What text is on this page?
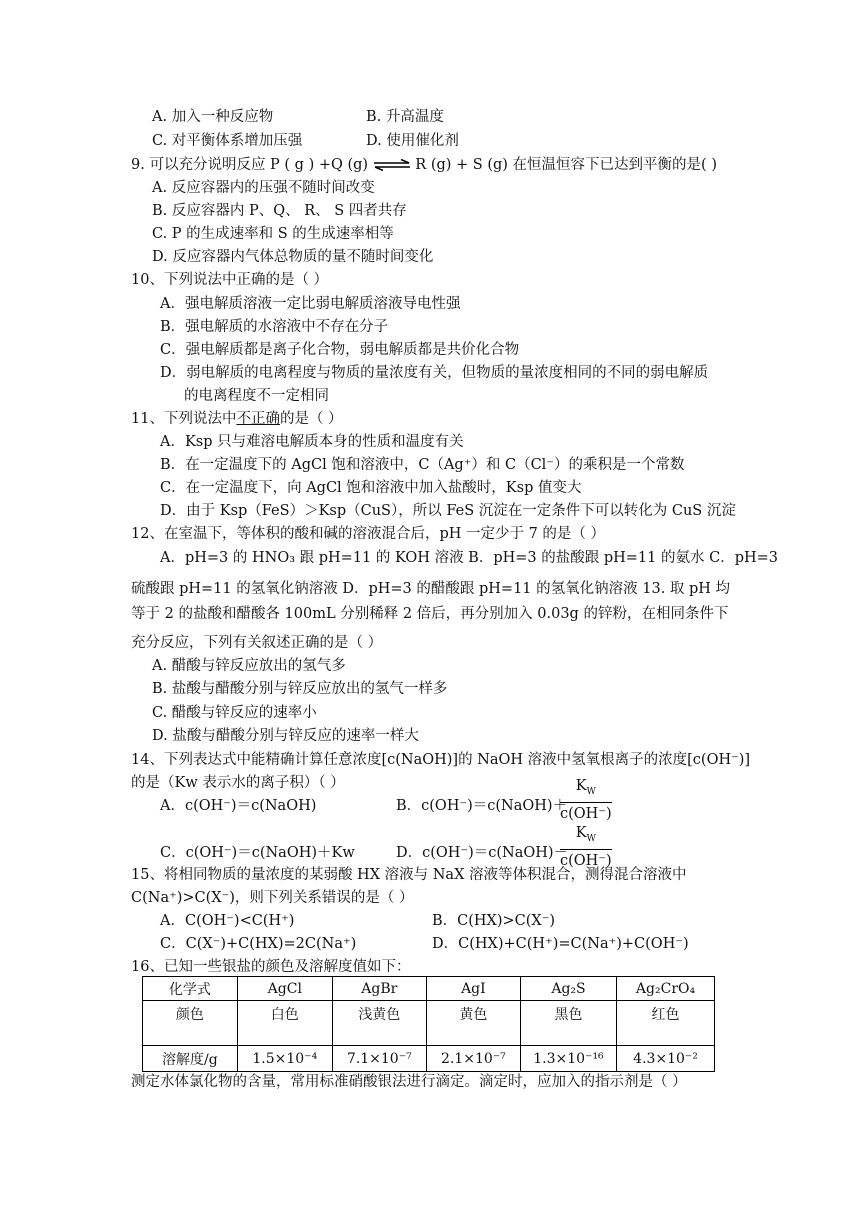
A. 加入一种反应物	B. 升高温度
C. 对平衡体系增加压强	D. 使用催化剂
9. 可以充分说明反应 P ( g ) +Q (g) ⇌ R (g) + S (g) 在恒温恒容下已达到平衡的是( )
A. 反应容器内的压强不随时间改变
B. 反应容器内 P、Q、 R、 S 四者共存
C. P 的生成速率和 S 的生成速率相等
D. 反应容器内气体总物质的量不随时间变化
10、下列说法中正确的是（ ）
A．强电解质溶液一定比弱电解质溶液导电性强
B．强电解质的水溶液中不存在分子
C．强电解质都是离子化合物，弱电解质都是共价化合物
D．弱电解质的电离程度与物质的量浓度有关，但物质的量浓度相同的不同的弱电解质
的电离程度不一定相同
11、下列说法中不正确的是（ ）
A．Ksp 只与难溶电解质本身的性质和温度有关
B．在一定温度下的 AgCl 饱和溶液中，C（Ag⁺）和 C（Cl⁻）的乘积是一个常数
C．在一定温度下，向 AgCl 饱和溶液中加入盐酸时，Ksp 值变大
D．由于 Ksp（FeS）＞Ksp（CuS），所以 FeS 沉淀在一定条件下可以转化为 CuS 沉淀
12、在室温下，等体积的酸和碱的溶液混合后，pH 一定少于 7 的是（ ）
A．pH=3 的 HNO₃ 跟 pH=11 的 KOH 溶液 B．pH=3 的盐酸跟 pH=11 的氨水 C．pH=3
硫酸跟 pH=11 的氢氧化钠溶液 D．pH=3 的醋酸跟 pH=11 的氢氧化钠溶液 13. 取 pH 均
等于 2 的盐酸和醋酸各 100mL 分别稀释 2 倍后，再分别加入 0.03g 的锌粉，在相同条件下
充分反应，下列有关叙述正确的是（ ）
A. 醋酸与锌反应放出的氢气多
B. 盐酸与醋酸分别与锌反应放出的氢气一样多
C. 醋酸与锌反应的速率小
D. 盐酸与醋酸分别与锌反应的速率一样大
14、下列表达式中能精确计算任意浓度[c(NaOH)]的 NaOH 溶液中氢氧根离子的浓度[c(OH⁻)]
的是（Kw 表示水的离子积）（ ）
A．c(OH⁻)＝c(NaOH)	B．c(OH⁻)＝c(NaOH)＋
$\frac{K_W}{c(OH^-)}$
C．c(OH⁻)＝c(NaOH)＋Kw	D．c(OH⁻)＝c(NaOH)－
$\frac{K_W}{c(OH^-)}$
15、将相同物质的量浓度的某弱酸 HX 溶液与 NaX 溶液等体积混合，测得混合溶液中
C(Na⁺)>C(X⁻)，则下列关系错误的是（ ）
A．C(OH⁻)<C(H⁺)	B．C(HX)>C(X⁻)
C．C(X⁻)+C(HX)=2C(Na⁺)	D．C(HX)+C(H⁺)=C(Na⁺)+C(OH⁻)
16、已知一些银盐的颜色及溶解度值如下：
化学式	AgCl	AgBr	AgI	Ag₂S	Ag₂CrO₄
颜色	白色	浅黄色	黄色	黑色	红色
溶解度/g	1.5×10⁻⁴	7.1×10⁻⁷	2.1×10⁻⁷	1.3×10⁻¹⁶	4.3×10⁻²
测定水体氯化物的含量，常用标准硝酸银法进行滴定。滴定时，应加入的指示剂是（ ）
